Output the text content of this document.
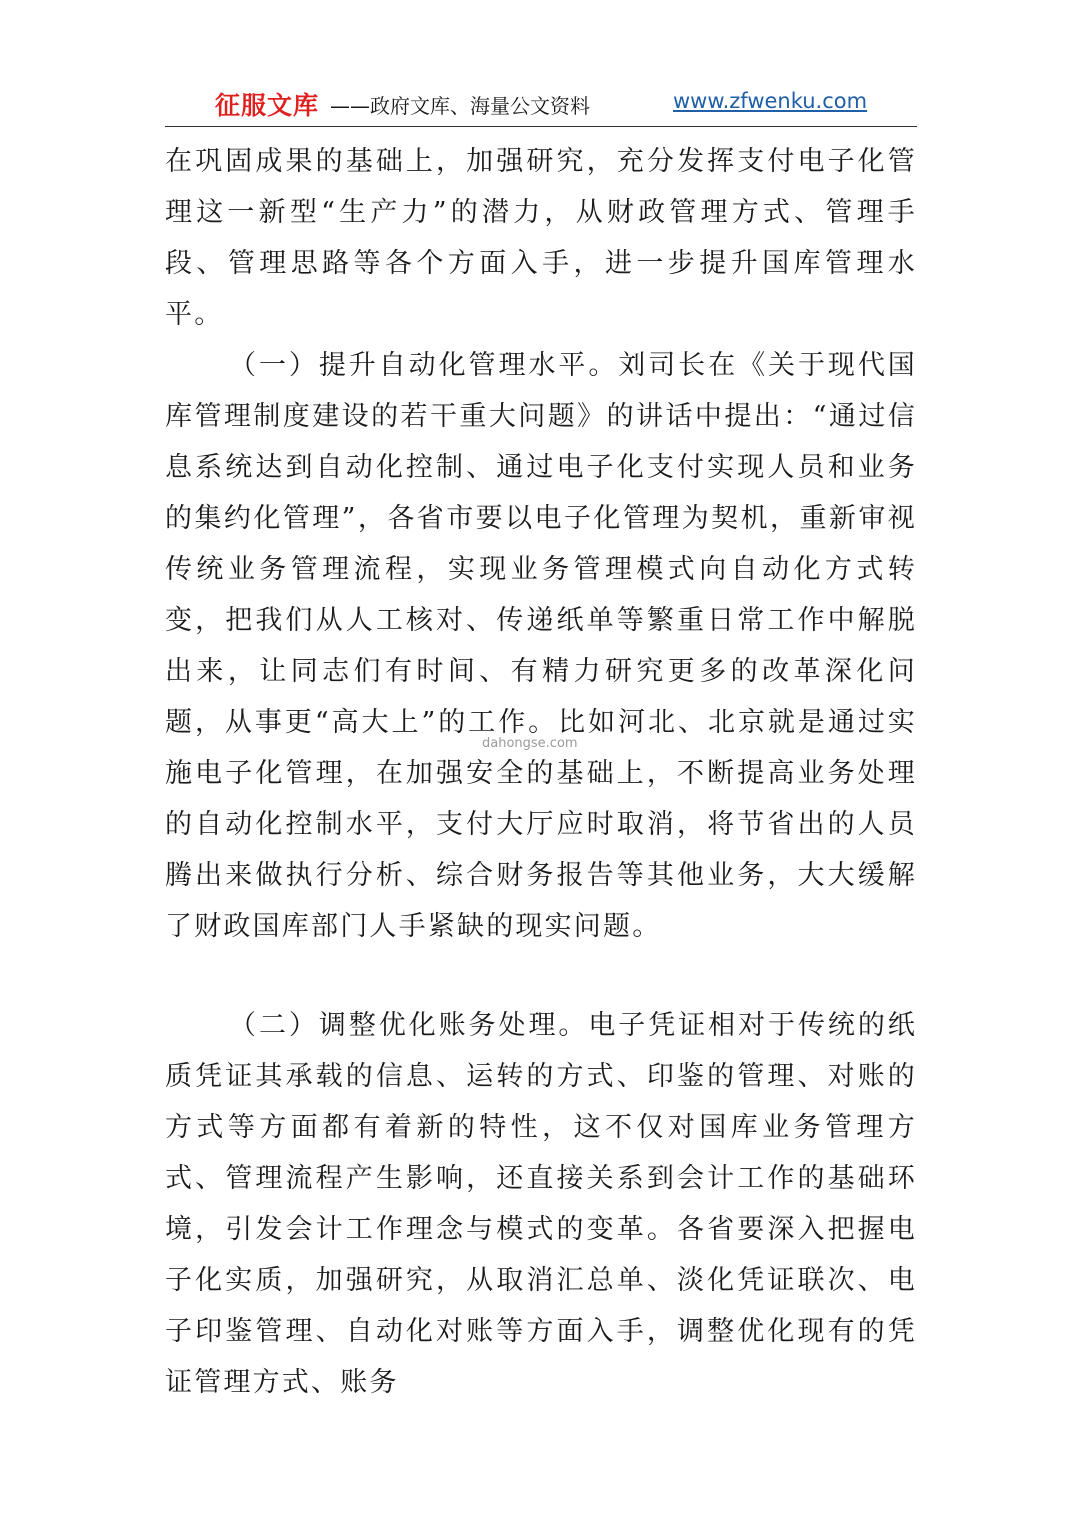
征服文库 ——政府文库、海量公文资料	www.zfwenku.com
在巩固成果的基础上，加强研究，充分发挥支付电子化管理这一新型“生产力”的潜力，从财政管理方式、管理手段、管理思路等各个方面入手，进一步提升国库管理水平。
（一）提升自动化管理水平。刘司长在《关于现代国库管理制度建设的若干重大问题》的讲话中提出：“通过信息系统达到自动化控制、通过电子化支付实现人员和业务的集约化管理”，各省市要以电子化管理为契机，重新审视传统业务管理流程，实现业务管理模式向自动化方式转变，把我们从人工核对、传递纸单等繁重日常工作中解脱出来，让同志们有时间、有精力研究更多的改革深化问题，从事更“高大上”的工作。比如河北、北京就是通过实施电子化管理，在加强安全的基础上，不断提高业务处理的自动化控制水平，支付大厅应时取消，将节省出的人员腾出来做执行分析、综合财务报告等其他业务，大大缓解了财政国库部门人手紧缺的现实问题。
（二）调整优化账务处理。电子凭证相对于传统的纸质凭证其承载的信息、运转的方式、印鉴的管理、对账的方式等方面都有着新的特性，这不仅对国库业务管理方式、管理流程产生影响，还直接关系到会计工作的基础环境，引发会计工作理念与模式的变革。各省要深入把握电子化实质，加强研究，从取消汇总单、淡化凭证联次、电子印鉴管理、自动化对账等方面入手，调整优化现有的凭证管理方式、账务
dahongse.com
